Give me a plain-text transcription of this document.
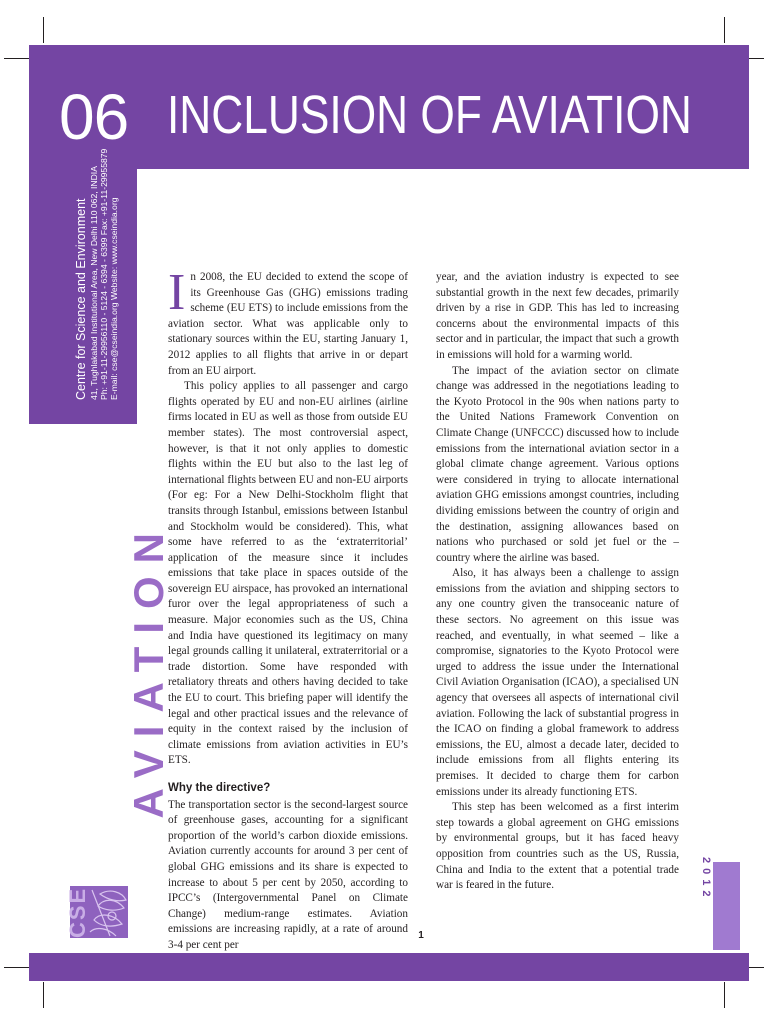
06 INCLUSION OF AVIATION
Centre for Science and Environment 41, Tughlakabad Institutional Area, New Delhi 110 062, INDIA Ph: +91-11-29956110 - 5124 - 6394 - 6399 Fax: +91-11-29955879 E-mail: cse@cseindia.org Website: www.cseindia.org
AVIATION
CSE
2012
1

In 2008, the EU decided to extend the scope of its Greenhouse Gas (GHG) emissions trading scheme (EU ETS) to include emissions from the aviation sector. What was applicable only to stationary sources within the EU, starting January 1, 2012 applies to all flights that arrive in or depart from an EU airport.

This policy applies to all passenger and cargo flights operated by EU and non-EU airlines (airline firms located in EU as well as those from outside EU member states). The most controversial aspect, however, is that it not only applies to domestic flights within the EU but also to the last leg of international flights between EU and non-EU airports (For eg: For a New Delhi-Stockholm flight that transits through Istanbul, emissions between Istanbul and Stockholm would be considered). This, what some have referred to as the ‘extraterritorial’ application of the measure since it includes emissions that take place in spaces outside of the sovereign EU airspace, has provoked an international furor over the legal appropriateness of such a measure. Major economies such as the US, China and India have questioned its legitimacy on many legal grounds calling it unilateral, extraterritorial or a trade distortion. Some have responded with retaliatory threats and others having decided to take the EU to court. This briefing paper will identify the legal and other practical issues and the relevance of equity in the context raised by the inclusion of climate emissions from aviation activities in EU’s ETS.

Why the directive?

The transportation sector is the second-largest source of greenhouse gases, accounting for a significant proportion of the world’s carbon dioxide emissions. Aviation currently accounts for around 3 per cent of global GHG emissions and its share is expected to increase to about 5 per cent by 2050, according to IPCC’s (Intergovernmental Panel on Climate Change) medium-range estimates. Aviation emissions are increasing rapidly, at a rate of around 3-4 per cent per

year, and the aviation industry is expected to see substantial growth in the next few decades, primarily driven by a rise in GDP. This has led to increasing concerns about the environmental impacts of this sector and in particular, the impact that such a growth in emissions will hold for a warming world.

The impact of the aviation sector on climate change was addressed in the negotiations leading to the Kyoto Protocol in the 90s when nations party to the United Nations Framework Convention on Climate Change (UNFCCC) discussed how to include emissions from the international aviation sector in a global climate change agreement. Various options were considered in trying to allocate international aviation GHG emissions amongst countries, including dividing emissions between the country of origin and the destination, assigning allowances based on nations who purchased or sold jet fuel or the – country where the airline was based.

Also, it has always been a challenge to assign emissions from the aviation and shipping sectors to any one country given the transoceanic nature of these sectors. No agreement on this issue was reached, and eventually, in what seemed – like a compromise, signatories to the Kyoto Protocol were urged to address the issue under the International Civil Aviation Organisation (ICAO), a specialised UN agency that oversees all aspects of international civil aviation. Following the lack of substantial progress in the ICAO on finding a global framework to address emissions, the EU, almost a decade later, decided to include emissions from all flights entering its premises. It decided to charge them for carbon emissions under its already functioning ETS.

This step has been welcomed as a first interim step towards a global agreement on GHG emissions by environmental groups, but it has faced heavy opposition from countries such as the US, Russia, China and India to the extent that a potential trade war is feared in the future.
